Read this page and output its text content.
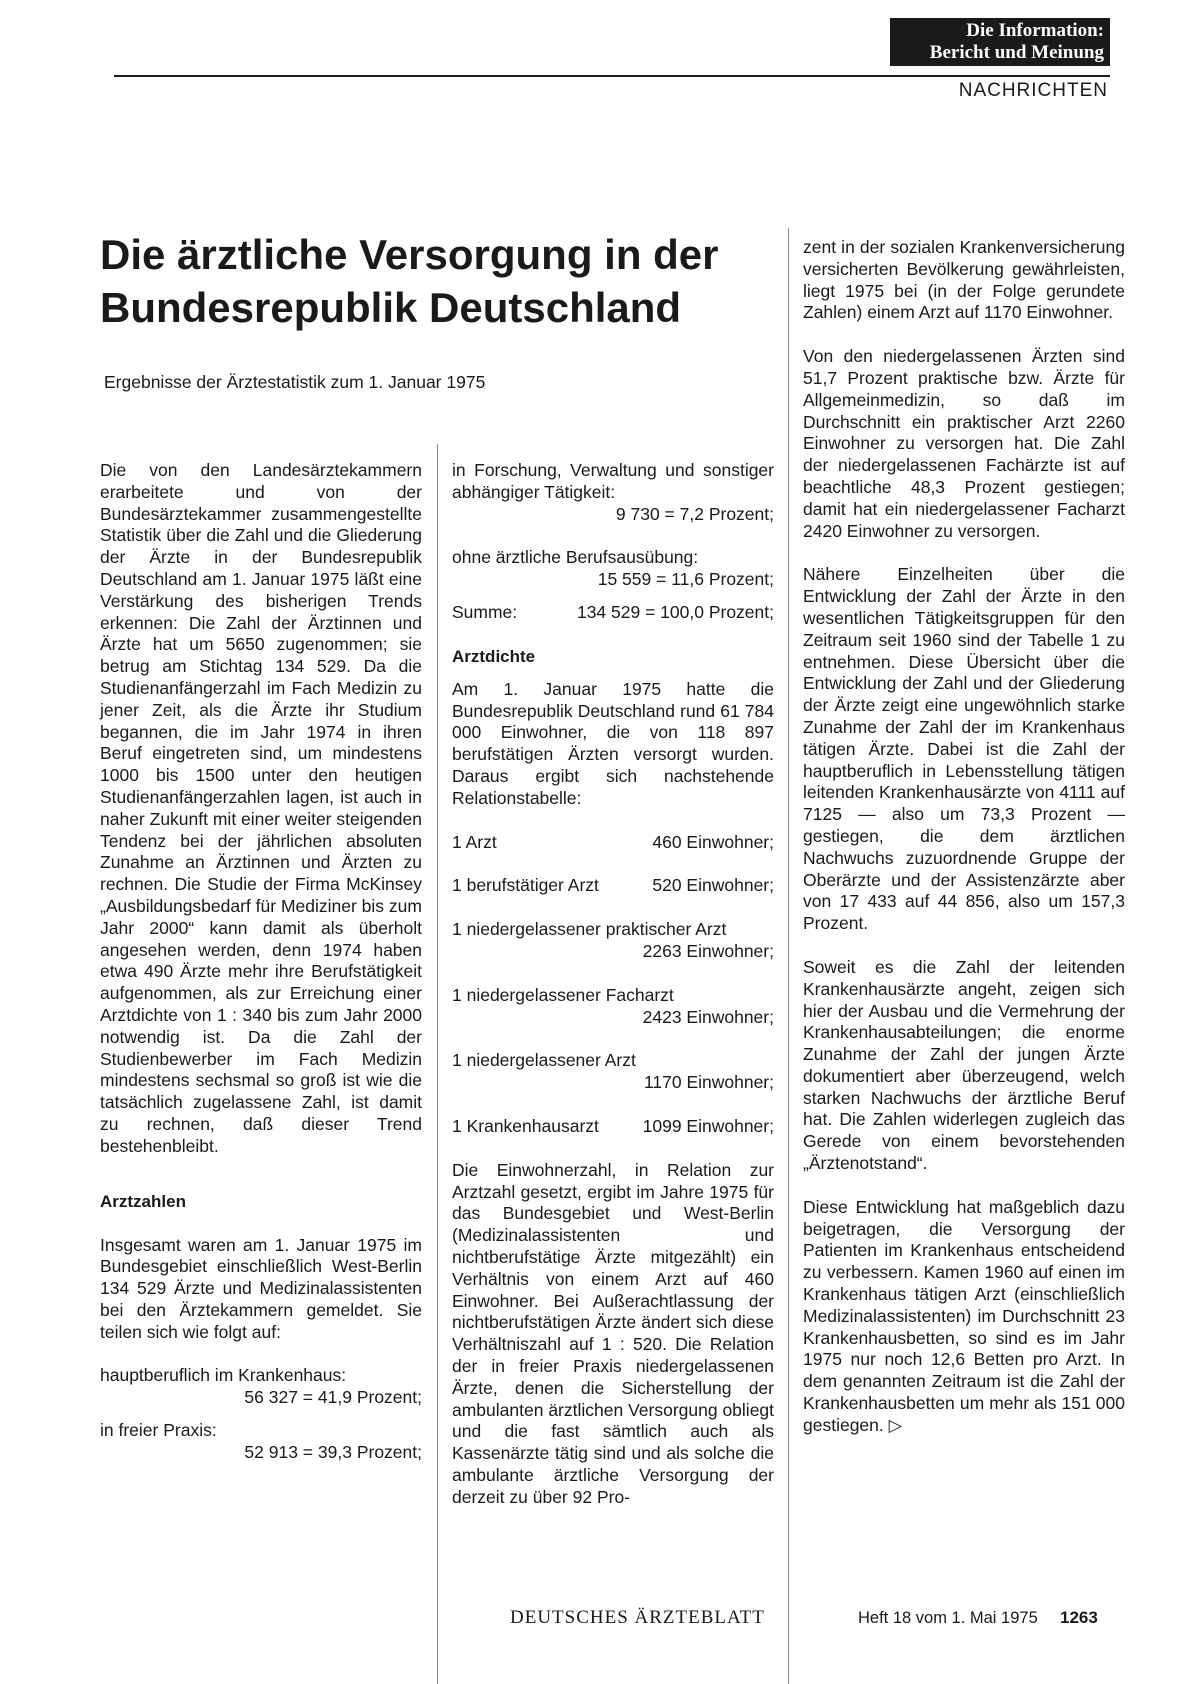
Die Information:
Bericht und Meinung
NACHRICHTEN
Die ärztliche Versorgung in der
Bundesrepublik Deutschland
Ergebnisse der Ärztestatistik zum 1. Januar 1975

Die von den Landesärztekammern erarbeitete und von der Bundesärztekammer zusammengestellte Statistik über die Zahl und die Gliederung der Ärzte in der Bundesrepublik Deutschland am 1. Januar 1975 läßt eine Verstärkung des bisherigen Trends erkennen: Die Zahl der Ärztinnen und Ärzte hat um 5650 zugenommen; sie betrug am Stichtag 134 529. Da die Studienanfängerzahl im Fach Medizin zu jener Zeit, als die Ärzte ihr Studium begannen, die im Jahr 1974 in ihren Beruf eingetreten sind, um mindestens 1000 bis 1500 unter den heutigen Studienanfängerzahlen lagen, ist auch in naher Zukunft mit einer weiter steigenden Tendenz bei der jährlichen absoluten Zunahme an Ärztinnen und Ärzten zu rechnen. Die Studie der Firma McKinsey „Ausbildungsbedarf für Mediziner bis zum Jahr 2000“ kann damit als überholt angesehen werden, denn 1974 haben etwa 490 Ärzte mehr ihre Berufstätigkeit aufgenommen, als zur Erreichung einer Arztdichte von 1 : 340 bis zum Jahr 2000 notwendig ist. Da die Zahl der Studienbewerber im Fach Medizin mindestens sechsmal so groß ist wie die tatsächlich zugelassene Zahl, ist damit zu rechnen, daß dieser Trend bestehenbleibt.

Arztzahlen

Insgesamt waren am 1. Januar 1975 im Bundesgebiet einschließlich West-Berlin 134 529 Ärzte und Medizinalassistenten bei den Ärztekammern gemeldet. Sie teilen sich wie folgt auf:

hauptberuflich im Krankenhaus:
56 327 = 41,9 Prozent;
in freier Praxis:
52 913 = 39,3 Prozent;

in Forschung, Verwaltung und sonstiger abhängiger Tätigkeit:

9 730 = 7,2 Prozent;
ohne ärztliche Berufsausübung:
15 559 = 11,6 Prozent;
Summe:	134 529 = 100,0 Prozent;
Arztdichte

Am 1. Januar 1975 hatte die Bundesrepublik Deutschland rund 61 784 000 Einwohner, die von 118 897 berufstätigen Ärzten versorgt wurden. Daraus ergibt sich nachstehende Relationstabelle:

1 Arzt	460 Einwohner;
1 berufstätiger Arzt	520 Einwohner;
1 niedergelassener praktischer Arzt
2263 Einwohner;
1 niedergelassener Facharzt
2423 Einwohner;
1 niedergelassener Arzt
1170 Einwohner;
1 Krankenhausarzt 1099 Einwohner;

Die Einwohnerzahl, in Relation zur Arztzahl gesetzt, ergibt im Jahre 1975 für das Bundesgebiet und West-Berlin (Medizinalassistenten und nichtberufstätige Ärzte mitgezählt) ein Verhältnis von einem Arzt auf 460 Einwohner. Bei Außerachtlassung der nichtberufstätigen Ärzte ändert sich diese Verhältniszahl auf 1 : 520. Die Relation der in freier Praxis niedergelassenen Ärzte, denen die Sicherstellung der ambulanten ärztlichen Versorgung obliegt und die fast sämtlich auch als Kassenärzte tätig sind und als solche die ambulante ärztliche Versorgung der derzeit zu über 92 Pro-

zent in der sozialen Krankenversicherung versicherten Bevölkerung gewährleisten, liegt 1975 bei (in der Folge gerundete Zahlen) einem Arzt auf 1170 Einwohner.

Von den niedergelassenen Ärzten sind 51,7 Prozent praktische bzw. Ärzte für Allgemeinmedizin, so daß im Durchschnitt ein praktischer Arzt 2260 Einwohner zu versorgen hat. Die Zahl der niedergelassenen Fachärzte ist auf beachtliche 48,3 Prozent gestiegen; damit hat ein niedergelassener Facharzt 2420 Einwohner zu versorgen.

Nähere Einzelheiten über die Entwicklung der Zahl der Ärzte in den wesentlichen Tätigkeitsgruppen für den Zeitraum seit 1960 sind der Tabelle 1 zu entnehmen. Diese Übersicht über die Entwicklung der Zahl und der Gliederung der Ärzte zeigt eine ungewöhnlich starke Zunahme der Zahl der im Krankenhaus tätigen Ärzte. Dabei ist die Zahl der hauptberuflich in Lebensstellung tätigen leitenden Krankenhausärzte von 4111 auf 7125 — also um 73,3 Prozent — gestiegen, die dem ärztlichen Nachwuchs zuzuordnende Gruppe der Oberärzte und der Assistenzärzte aber von 17 433 auf 44 856, also um 157,3 Prozent.

Soweit es die Zahl der leitenden Krankenhausärzte angeht, zeigen sich hier der Ausbau und die Vermehrung der Krankenhausabteilungen; die enorme Zunahme der Zahl der jungen Ärzte dokumentiert aber überzeugend, welch starken Nachwuchs der ärztliche Beruf hat. Die Zahlen widerlegen zugleich das Gerede von einem bevorstehenden „Ärztenotstand“.

Diese Entwicklung hat maßgeblich dazu beigetragen, die Versorgung der Patienten im Krankenhaus entscheidend zu verbessern. Kamen 1960 auf einen im Krankenhaus tätigen Arzt (einschließlich Medizinalassistenten) im Durchschnitt 23 Krankenhausbetten, so sind es im Jahr 1975 nur noch 12,6 Betten pro Arzt. In dem genannten Zeitraum ist die Zahl der Krankenhausbetten um mehr als 151 000 gestiegen. ▷

DEUTSCHES ÄRZTEBLATT	Heft 18 vom 1. Mai 1975 1263
